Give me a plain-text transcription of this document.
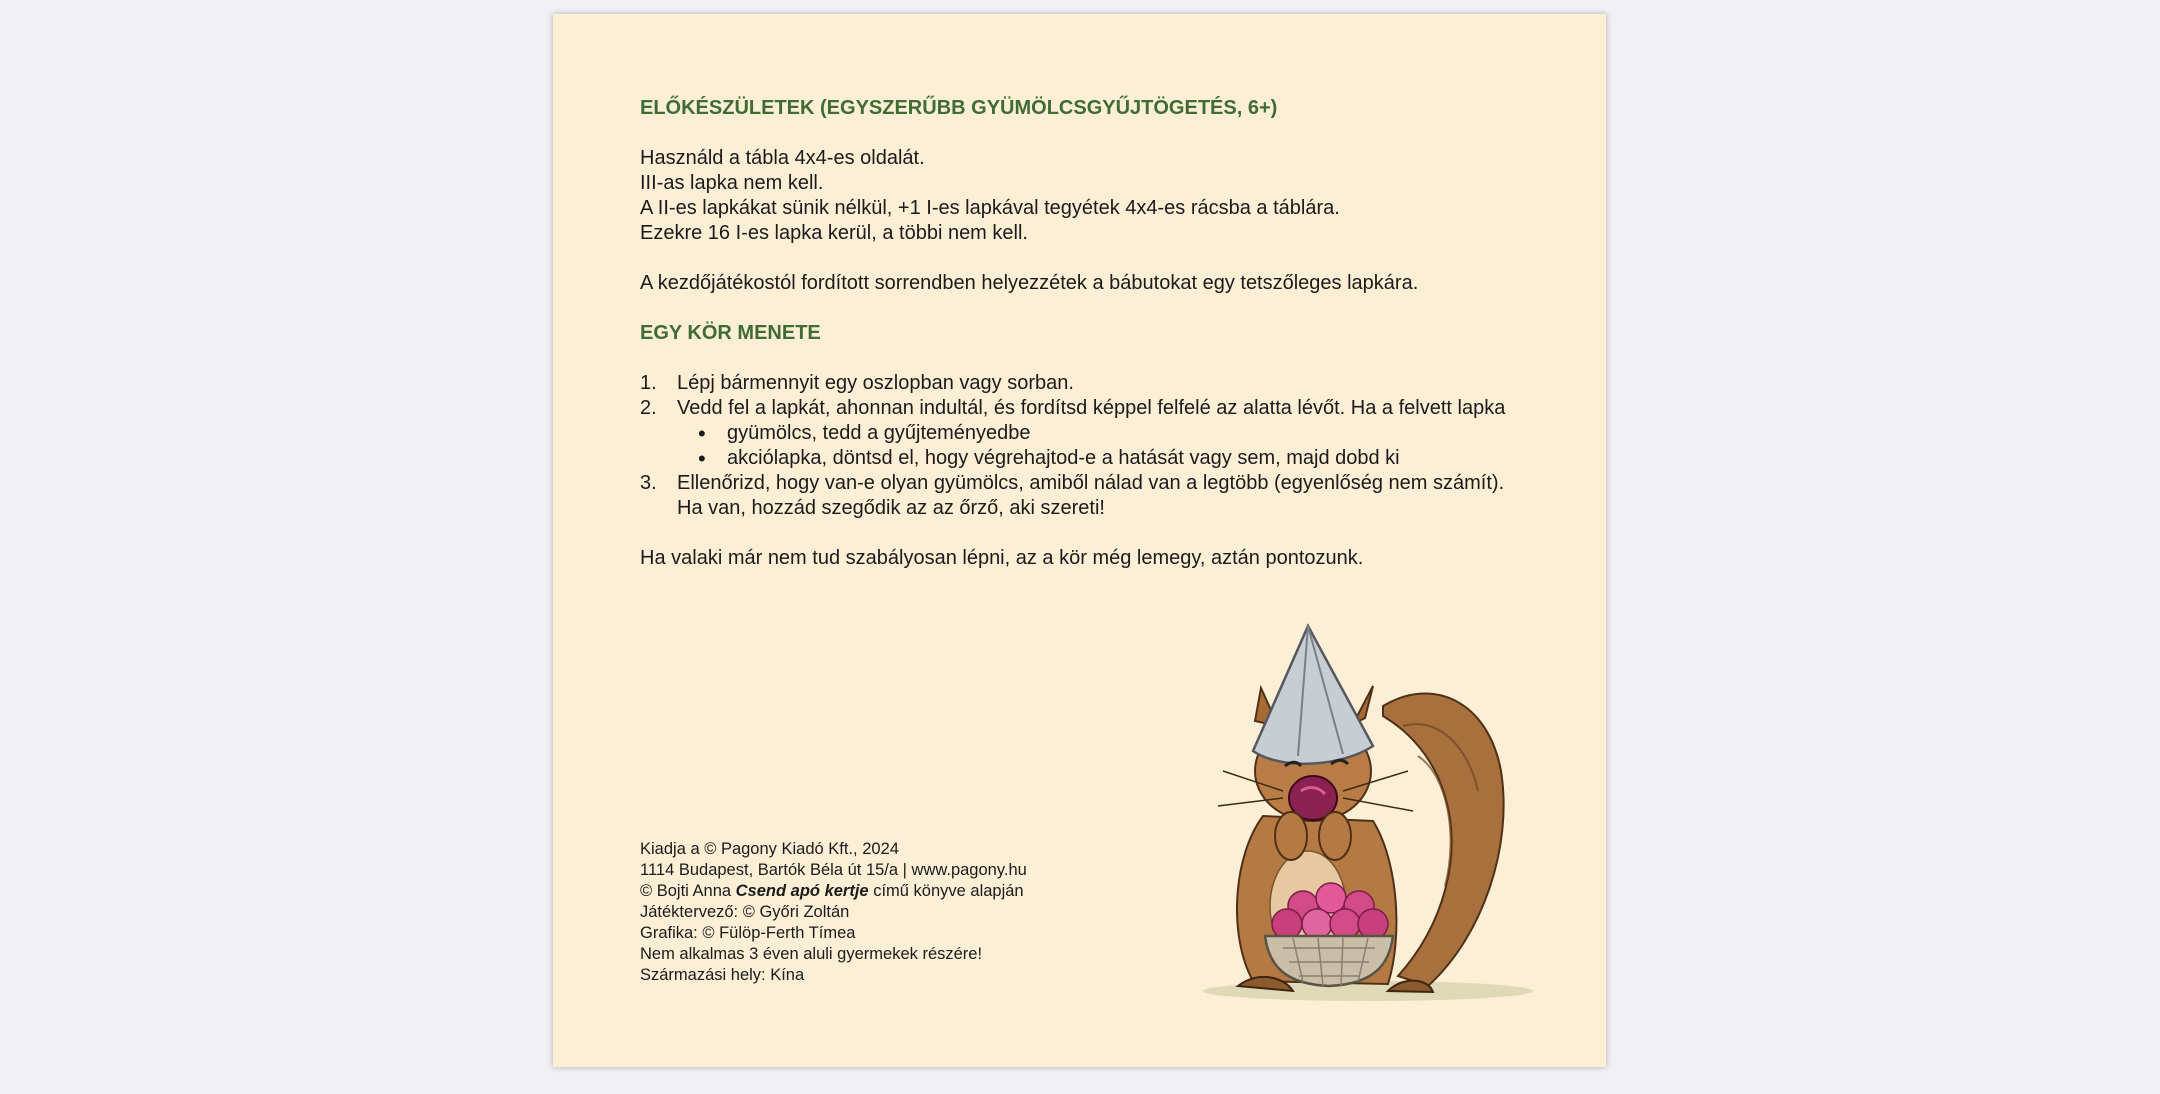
ELŐKÉSZÜLETEK (EGYSZERŰBB GYÜMÖLCSGYŰJTÖGETÉS, 6+)

Használd a tábla 4x4-es oldalát.

III-as lapka nem kell.

A II-es lapkákat sünik nélkül, +1 I-es lapkával tegyétek 4x4-es rácsba a táblára.

Ezekre 16 I-es lapka kerül, a többi nem kell.

A kezdőjátékostól fordított sorrendben helyezzétek a bábutokat egy tetszőleges lapkára.

EGY KÖR MENETE
1.	Lépj bármennyit egy oszlopban vagy sorban.
2.	Vedd fel a lapkát, ahonnan indultál, és fordítsd képpel felfelé az alatta lévőt. Ha a felvett lapka
• gyümölcs, tedd a gyűjteményedbe
• akciólapka, döntsd el, hogy végrehajtod-e a hatását vagy sem, majd dobd ki
3.	Ellenőrizd, hogy van-e olyan gyümölcs, amiből nálad van a legtöbb (egyenlőség nem számít).
Ha van, hozzád szegődik az az őrző, aki szereti!

Ha valaki már nem tud szabályosan lépni, az a kör még lemegy, aztán pontozunk.

Kiadja a © Pagony Kiadó Kft., 2024
1114 Budapest, Bartók Béla út 15/a | www.pagony.hu
© Bojti Anna Csend apó kertje című könyve alapján
Játéktervező: © Győri Zoltán
Grafika: © Fülöp-Ferth Tímea
Nem alkalmas 3 éven aluli gyermekek részére!
Származási hely: Kína
